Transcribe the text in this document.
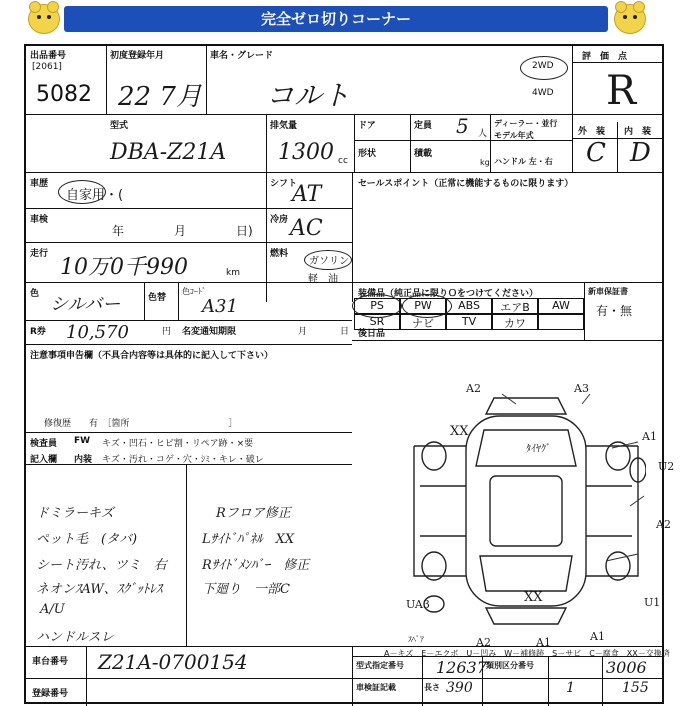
完全ゼロ切りコーナー
出品番号
[2061]
5082
初度登録年月
22 7月
車名・グレード
コルト
2WD
4WD
評　価　点
R
外　装 内　装
C D
型式
DBA-Z21A
排気量
1300 cc
ドア	定員 5 人
ディーラー・並行
モデル年式
形状	積載
kg ハンドル 左・右
車歴
自家用・(
シフト
AT	セールスポイント（正常に機能するものに限ります）
車検
年	月	日)
冷房 AC
走行
10万0千990	km
燃料
ガソリン
軽　油
色 シルバー	色替
色ｺｰﾄﾞ
A31
装備品（純正品に限りＯをつけてください）	新車保証書
有・無
PS	PW	ABS	エアB	AW
SR	ナビ	TV	カワ
後日品
R券 10,570	円 名変通知期限	月	日
注意事項申告欄（不具合内容等は具体的に記入して下さい）
修復歴　　有　［箇所　　　　　　　　　　　］
検査員 FW キズ・凹石・ヒビ割・リペア跡・×要
記入欄 内装 キズ・汚れ・コゲ・穴・ｼﾐ・キレ・破レ
ドミラーキズ
ペット毛　(タバ)
シート汚れ、ツミ　右
ネオンｽAW、ｽｸﾞｯﾄﾚｽ
A/U
ハンドルスレ
Rフロア修正
Lｻｲﾄﾞﾊﾟﾈﾙ　XX
Rｻｲﾄﾞﾒﾝﾊﾞｰ　修正
下廻り　一部C
A2	A3
A1
XX
ﾀｲﾔｸﾞ
U2
A2
XX
UA3	U1
A2	A1	A1
ｽﾍﾟｱ
A－キズ　E－エクボ　U－凹み　W－補修跡　S－サビ　C－腐食　XX－交換済
車台番号 Z21A-0700154
登録番号
型式指定番号 12637 類別区分番号	3006
車検証記載	長さ 390	1	155
